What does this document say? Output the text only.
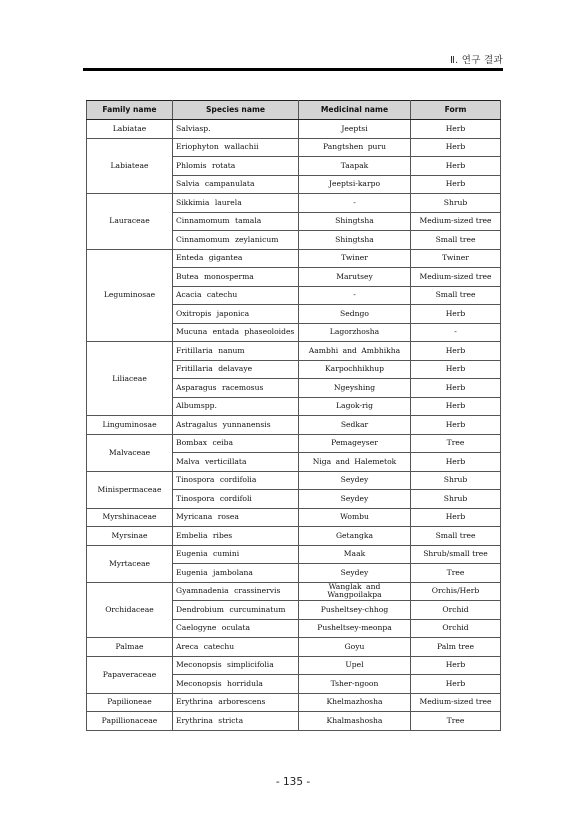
Ⅱ. 연구 결과
Family name	Species name	Medicinal name	Form
Labiatae	Salviasp.	Jeeptsi	Herb
Labiateae	Eriophyton wallachii	Pangtshen puru	Herb
	Phlomis rotata	Taapak	Herb
	Salvia campanulata	Jeeptsi-karpo	Herb
Lauraceae	Sikkimia laurela	-	Shrub
	Cinnamomum tamala	Shingtsha	Medium-sized tree
	Cinnamomum zeylanicum	Shingtsha	Small tree
Leguminosae	Enteda gigantea	Twiner	Twiner
	Butea monosperma	Marutsey	Medium-sized tree
	Acacia catechu	-	Small tree
	Oxitropis japonica	Sedngo	Herb
	Mucuna entada phaseoloides	Lagorzhosha	-
Liliaceae	Fritillaria nanum	Aambhi and Ambhikha	Herb
	Fritillaria delavaye	Karpochhikhup	Herb
	Asparagus racemosus	Ngeyshing	Herb
	Albumspp.	Lagok-rig	Herb
Linguminosae	Astragalus yunnanensis	Sedkar	Herb
Malvaceae	Bombax ceiba	Pemageyser	Tree
	Malva verticillata	Niga and Halemetok	Herb
Minispermaceae	Tinospora cordifolia	Seydey	Shrub
	Tinospora cordifoli	Seydey	Shrub
Myrshinaceae	Myricana rosea	Wombu	Herb
Myrsinae	Embelia ribes	Getangka	Small tree
Myrtaceae	Eugenia cumini	Maak	Shrub/small tree
	Eugenia jambolana	Seydey	Tree
Orchidaceae	Gyamnadenia crassinervis	Wanglak and Wangpoilakpa	Orchis/Herb
	Dendrobium curcuminatum	Pusheltsey-chhog	Orchid
	Caelogyne oculata	Pusheltsey-meonpa	Orchid
Palmae	Areca catechu	Goyu	Palm tree
Papaveraceae	Meconopsis simplicifolia	Upel	Herb
	Meconopsis horridula	Tsher-ngoon	Herb
Papilioneae	Erythrina arborescens	Khelmazhosha	Medium-sized tree
Papillionaceae	Erythrina stricta	Khalmashosha	Tree
- 135 -
